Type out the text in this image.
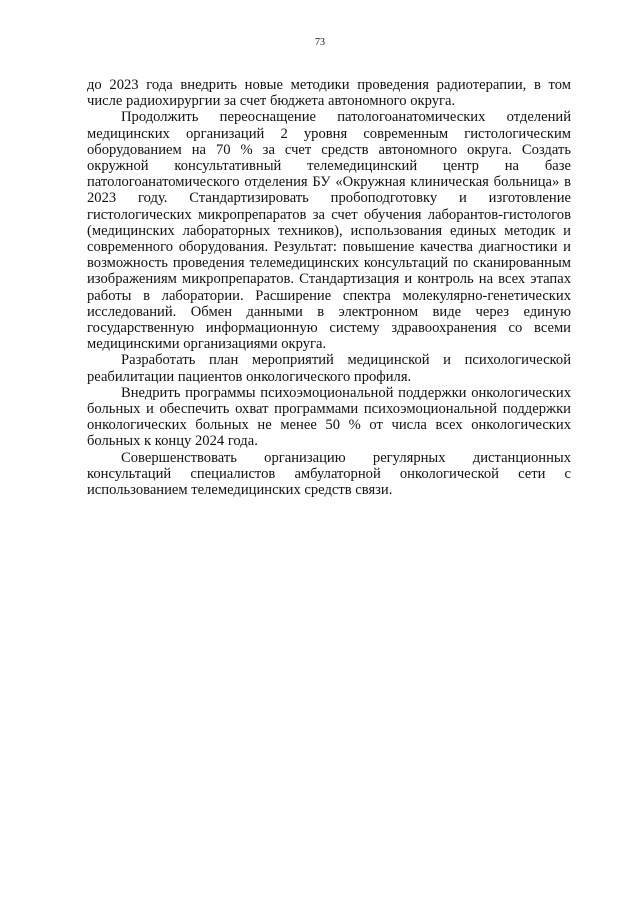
73

до 2023 года внедрить новые методики проведения радиотерапии, в том числе радиохирургии за счет бюджета автономного округа.

Продолжить переоснащение патологоанатомических отделений медицинских организаций 2 уровня современным гистологическим оборудованием на 70 % за счет средств автономного округа. Создать окружной консультативный телемедицинский центр на базе патологоанатомического отделения БУ «Окружная клиническая больница» в 2023 году. Стандартизировать пробоподготовку и изготовление гистологических микропрепаратов за счет обучения лаборантов-гистологов (медицинских лабораторных техников), использования единых методик и современного оборудования. Результат: повышение качества диагностики и возможность проведения телемедицинских консультаций по сканированным изображениям микропрепаратов. Стандартизация и контроль на всех этапах работы в лаборатории. Расширение спектра молекулярно-генетических исследований. Обмен данными в электронном виде через единую государственную информационную систему здравоохранения со всеми медицинскими организациями округа.

Разработать план мероприятий медицинской и психологической реабилитации пациентов онкологического профиля.

Внедрить программы психоэмоциональной поддержки онкологических больных и обеспечить охват программами психоэмоциональной поддержки онкологических больных не менее 50 % от числа всех онкологических больных к концу 2024 года.

Совершенствовать организацию регулярных дистанционных консультаций специалистов амбулаторной онкологической сети с использованием телемедицинских средств связи.
